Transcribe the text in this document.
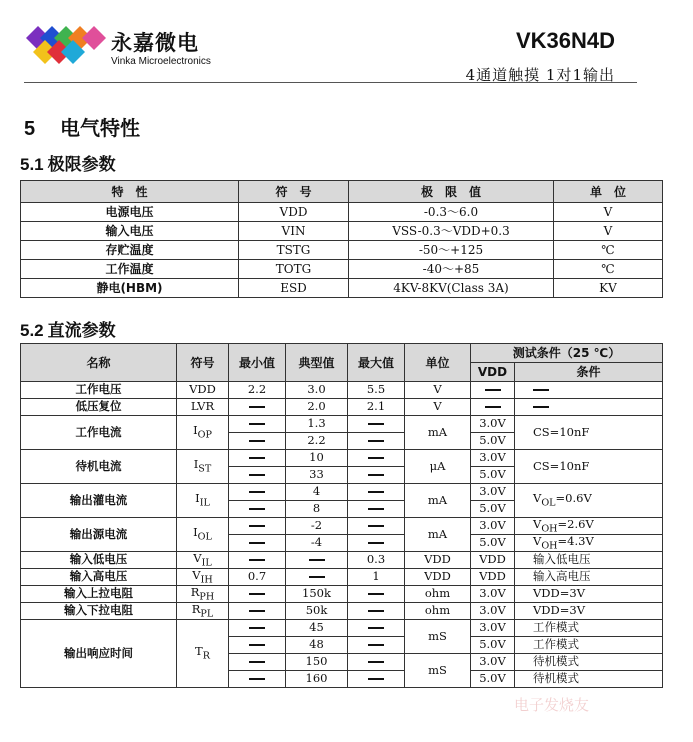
永嘉微电
Vinka Microelectronics
VK36N4D
4通道触摸 1对1输出
5 电气特性
5.1 极限参数
特　性	符　号	极　限　值	单　位
电源电压	VDD	-0.3～6.0	V
输入电压	VIN	VSS-0.3～VDD+0.3	V
存贮温度	TSTG	-50～+125	℃
工作温度	TOTG	-40～+85	℃
静电(HBM)	ESD	4KV-8KV(Class 3A)	KV
5.2 直流参数
名称	符号	最小值	典型值	最大值	单位	测试条件（25 ℃）	
						VDD	条件
工作电压	VDD	2.2	3.0	5.5	V		
低压复位	LVR		2.0	2.1	V		
工作电流	$I_{OP}$		1.3		mA	3.0V	CS=10nF
			2.2			5.0V	
待机电流	$I_{ST}$		10		μA	3.0V	CS=10nF
			33			5.0V	
输出灌电流	$I_{IL}$		4		mA	3.0V	$V_{OL}=0.6V$
			8			5.0V	
输出源电流	$I_{OL}$		-2		mA	3.0V	$V_{OH}=2.6V$
			-4			5.0V	$V_{OH}=4.3V$
输入低电压	$V_{IL}$			0.3	VDD	VDD	输入低电压
输入高电压	$V_{IH}$	0.7		1	VDD	VDD	输入高电压
输入上拉电阻	$R_{PH}$		150k		ohm	3.0V	VDD=3V
输入下拉电阻	$R_{PL}$		50k		ohm	3.0V	VDD=3V
输出响应时间	$T_R$		45		mS	3.0V	工作模式
			48			5.0V	工作模式
			150		mS	3.0V	待机模式
			160			5.0V	待机模式
电子发烧友
